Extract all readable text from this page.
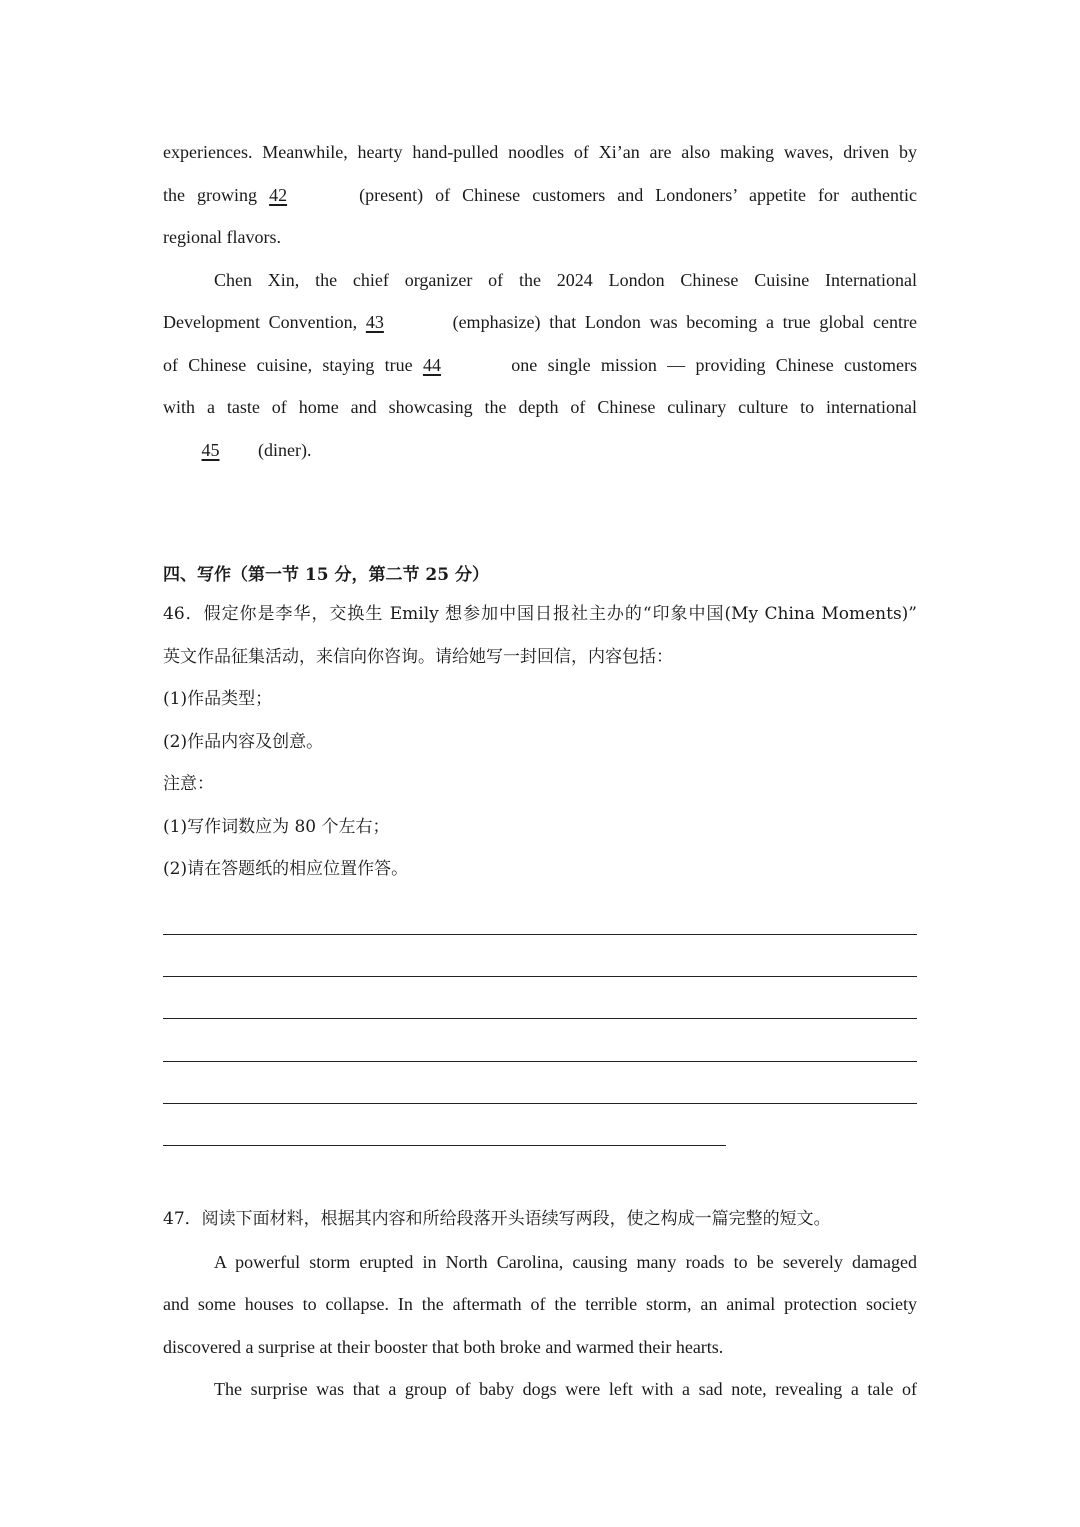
experiences. Meanwhile, hearty hand-pulled noodles of Xi’an are also making waves, driven by
the growing 42	(present) of Chinese customers and Londoners’ appetite for authentic
regional flavors.
Chen Xin, the chief organizer of the 2024 London Chinese Cuisine International
Development Convention, 43	(emphasize) that London was becoming a true global centre
of Chinese cuisine, staying true 44	one single mission — providing Chinese customers
with a taste of home and showcasing the depth of Chinese culinary culture to international
45 (diner).
四、写作（第一节 15 分，第二节 25 分）
46．假定你是李华，交换生 Emily 想参加中国日报社主办的“印象中国(My China Moments)”
英文作品征集活动，来信向你咨询。请给她写一封回信，内容包括：
(1)作品类型；
(2)作品内容及创意。
注意：
(1)写作词数应为 80 个左右；
(2)请在答题纸的相应位置作答。
47．阅读下面材料，根据其内容和所给段落开头语续写两段，使之构成一篇完整的短文。
A powerful storm erupted in North Carolina, causing many roads to be severely damaged
and some houses to collapse. In the aftermath of the terrible storm, an animal protection society
discovered a surprise at their booster that both broke and warmed their hearts.
The surprise was that a group of baby dogs were left with a sad note, revealing a tale of
